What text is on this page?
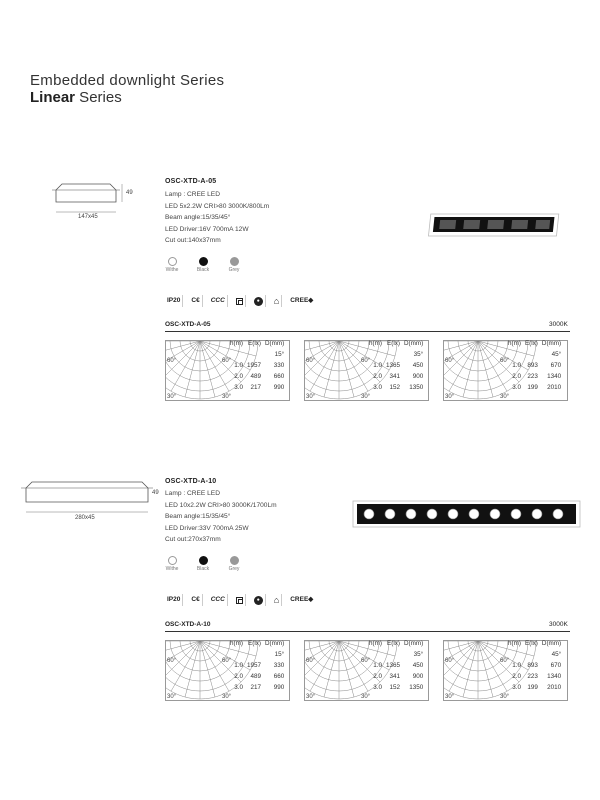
Embedded downlight Series
Linear Series
49
147x45
OSC-XTD-A-05
Lamp : CREE LED
LED 5x2.2W CRI>80 3000K/800Lm
Beam angle:15/35/45°
LED Driver:16V 700mA 12W
Cut out:140x37mm
Withe	Black	Grey
IP20	C€	CCC	●	⌂	CREE◆
OSC-XTD-A-05	3000K
60°	60°
30°	30°
h(m)	E(lx)	D(mm)
		15°
1.0	1957	330
2.0	489	660
3.0	217	990
60°	60°
30°	30°
h(m)	E(lx)	D(mm)
		35°
1.0	1365	450
2.0	341	900
3.0	152	1350
60°	60°
30°	30°
h(m)	E(lx)	D(mm)
		45°
1.0	893	670
2.0	223	1340
3.0	199	2010
49
280x45
OSC-XTD-A-10
Lamp : CREE LED
LED 10x2.2W CRI>80 3000K/1700Lm
Beam angle:15/35/45°
LED Driver:33V 700mA 25W
Cut out:270x37mm
Withe	Black	Grey
IP20	C€	CCC	●	⌂	CREE◆
OSC-XTD-A-10	3000K
60°	60°
30°	30°
h(m)	E(lx)	D(mm)
		15°
1.0	1957	330
2.0	489	660
3.0	217	990
60°	60°
30°	30°
h(m)	E(lx)	D(mm)
		35°
1.0	1365	450
2.0	341	900
3.0	152	1350
60°	60°
30°	30°
h(m)	E(lx)	D(mm)
		45°
1.0	893	670
2.0	223	1340
3.0	199	2010
